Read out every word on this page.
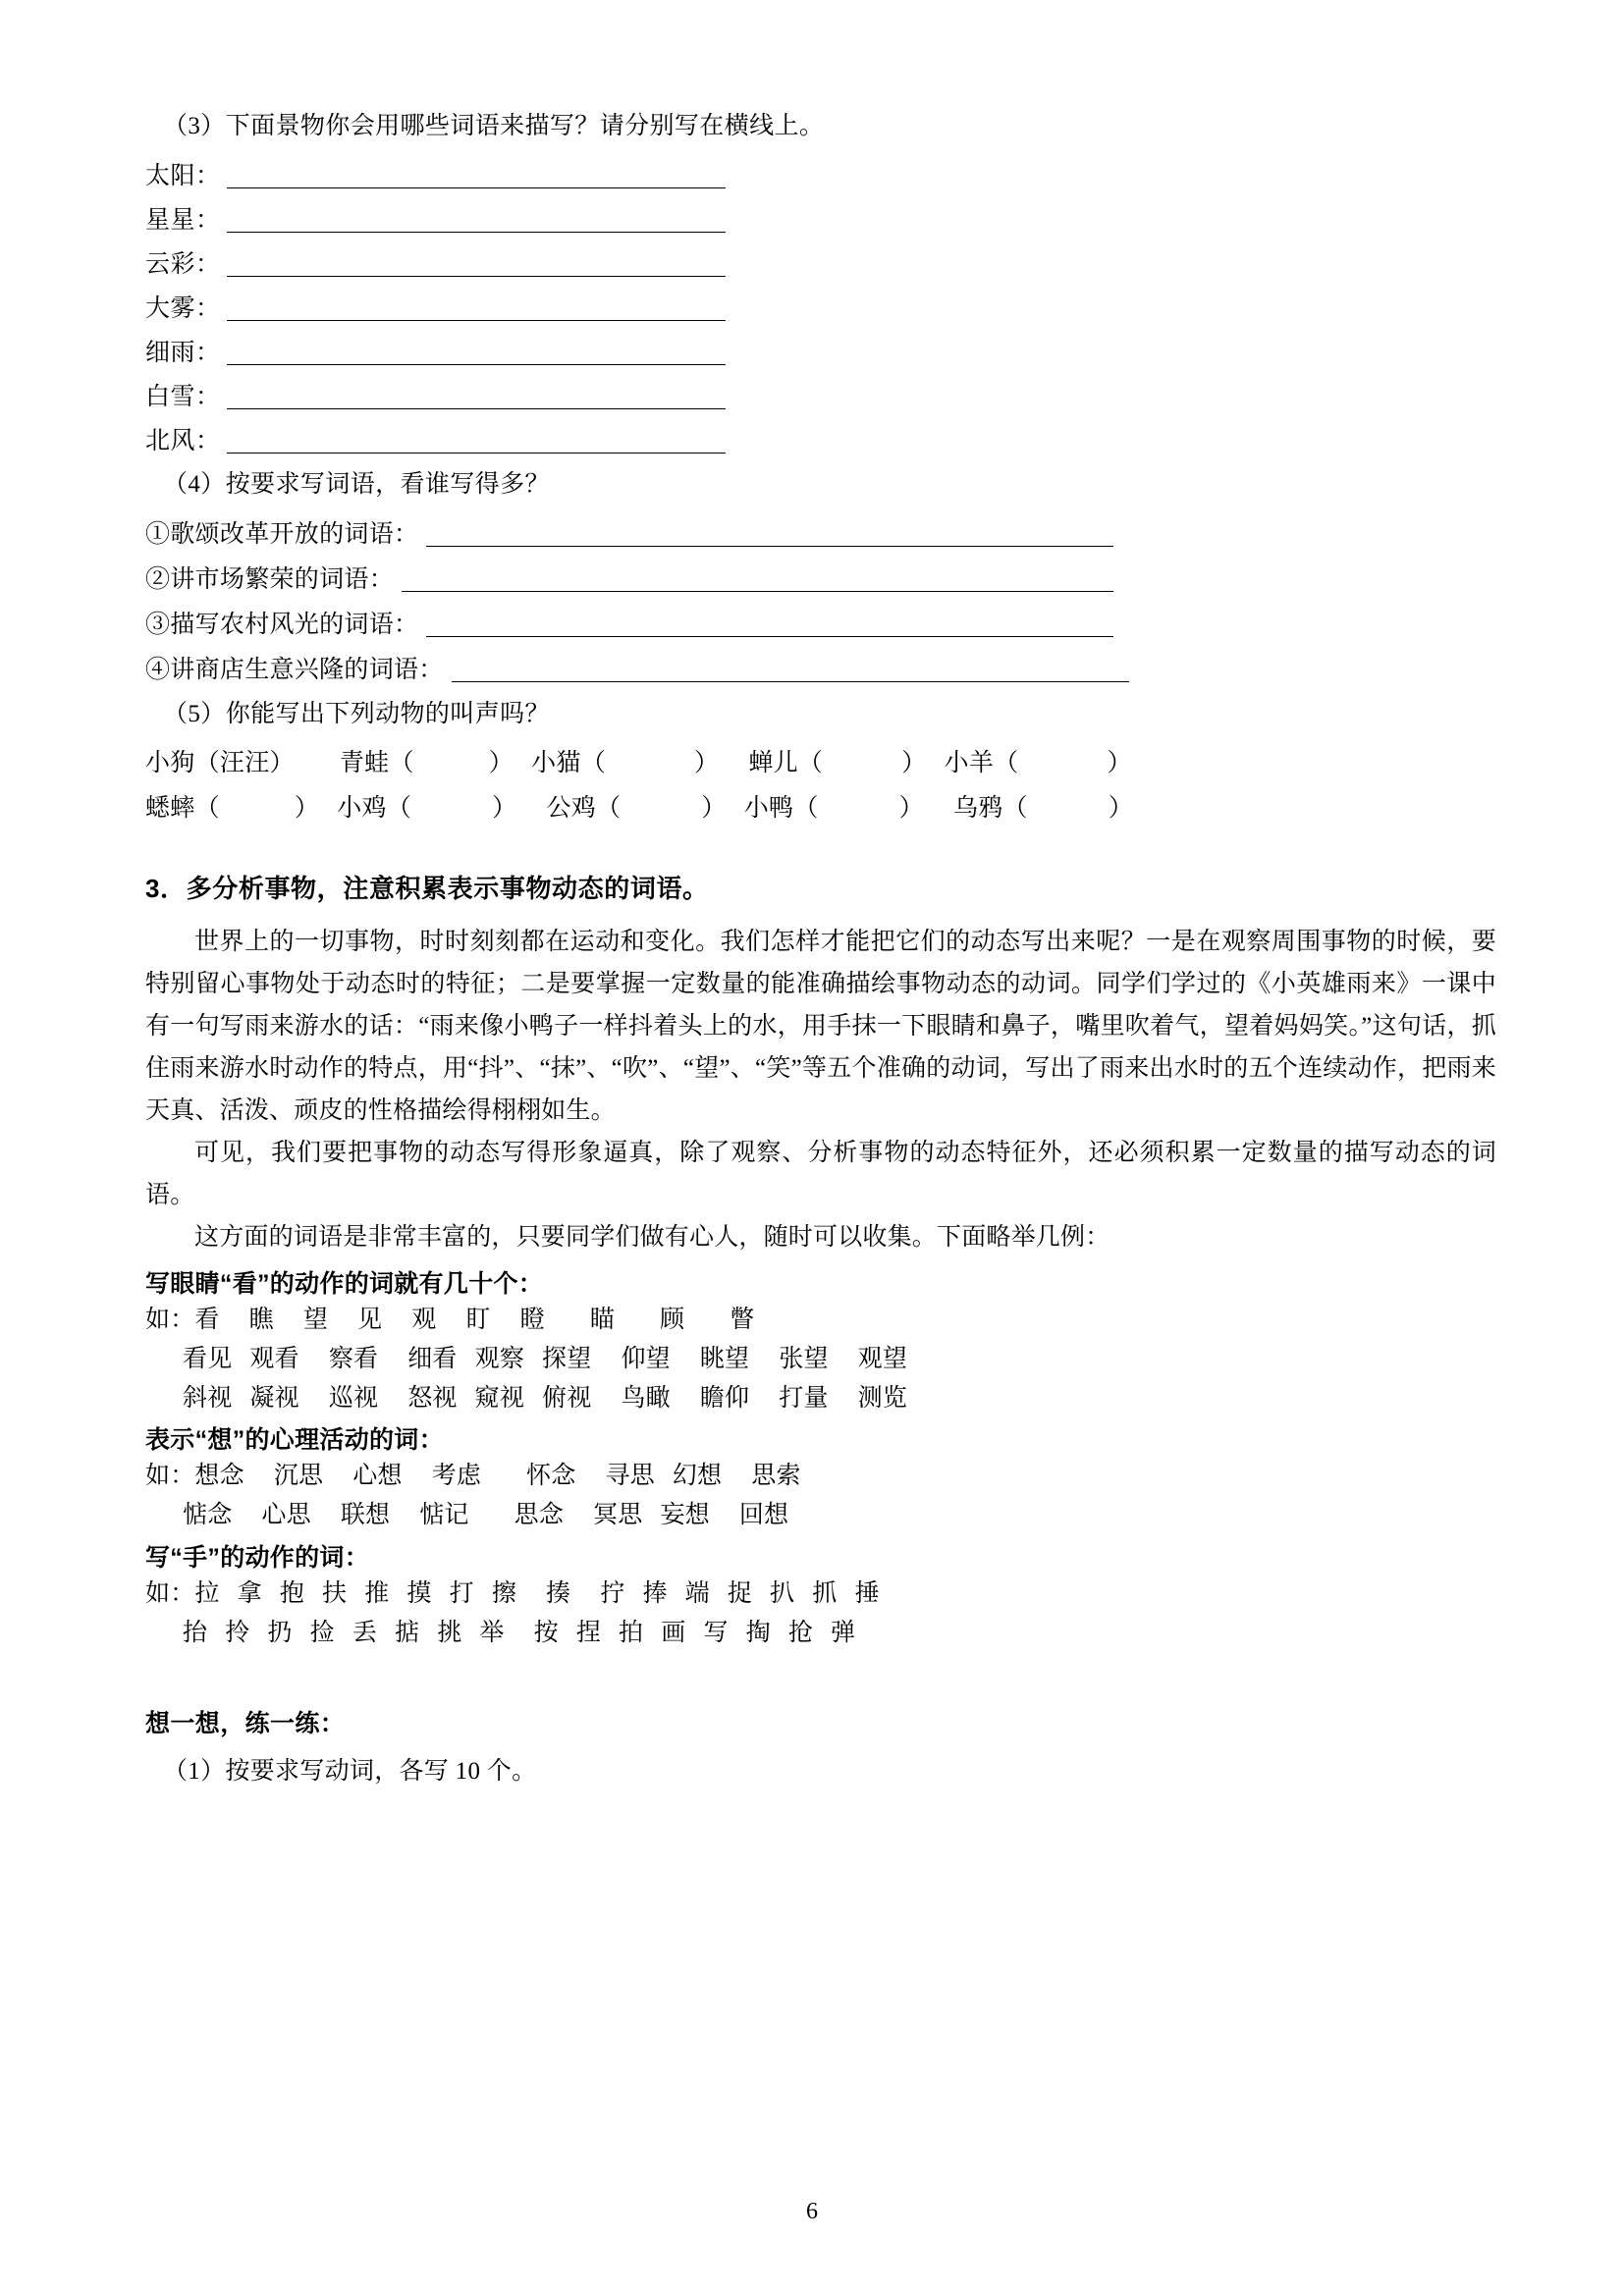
（3）下面景物你会用哪些词语来描写？请分别写在横线上。
太阳：
星星：
云彩：
大雾：
细雨：
白雪：
北风：
（4）按要求写词语，看谁写得多？
①歌颂改革开放的词语：
②讲市场繁荣的词语：
③描写农村风光的词语：
④讲商店生意兴隆的词语：
（5）你能写出下列动物的叫声吗？
小狗（汪汪） 青蛙（	） 小猫（	） 蝉儿（	） 小羊（	）
蟋蟀（	） 小鸡（	） 公鸡（	） 小鸭（	） 乌鸦（	）
3．多分析事物，注意积累表示事物动态的词语。

世界上的一切事物，时时刻刻都在运动和变化。我们怎样才能把它们的动态写出来呢？一是在观察周围事物的时候，要特别留心事物处于动态时的特征；二是要掌握一定数量的能准确描绘事物动态的动词。同学们学过的《小英雄雨来》一课中有一句写雨来游水的话：“雨来像小鸭子一样抖着头上的水，用手抹一下眼睛和鼻子，嘴里吹着气，望着妈妈笑。”这句话，抓住雨来游水时动作的特点，用“抖”、“抹”、“吹”、“望”、“笑”等五个准确的动词，写出了雨来出水时的五个连续动作，把雨来天真、活泼、顽皮的性格描绘得栩栩如生。

可见，我们要把事物的动态写得形象逼真，除了观察、分析事物的动态特征外，还必须积累一定数量的描写动态的词语。

这方面的词语是非常丰富的，只要同学们做有心人，随时可以收集。下面略举几例：

写眼睛“看”的动作的词就有几十个：
如：看 瞧 望 见 观 盯 瞪 瞄 顾 瞥
看见 观看 察看 细看 观察 探望 仰望 眺望 张望 观望
斜视 凝视 巡视 怒视 窥视 俯视 鸟瞰 瞻仰 打量 测览
表示“想”的心理活动的词：
如：想念 沉思 心想 考虑 怀念 寻思 幻想 思索
惦念 心思 联想 惦记 思念 冥思 妄想 回想
写“手”的动作的词：
如：拉 拿 抱 扶 推 摸 打 擦 揍 拧 捧 端 捉 扒 抓 捶
抬 拎 扔 捡 丢 掂 挑 举 按 捏 拍 画 写 掏 抢 弹
想一想，练一练：
（1）按要求写动词，各写 10 个。
6
